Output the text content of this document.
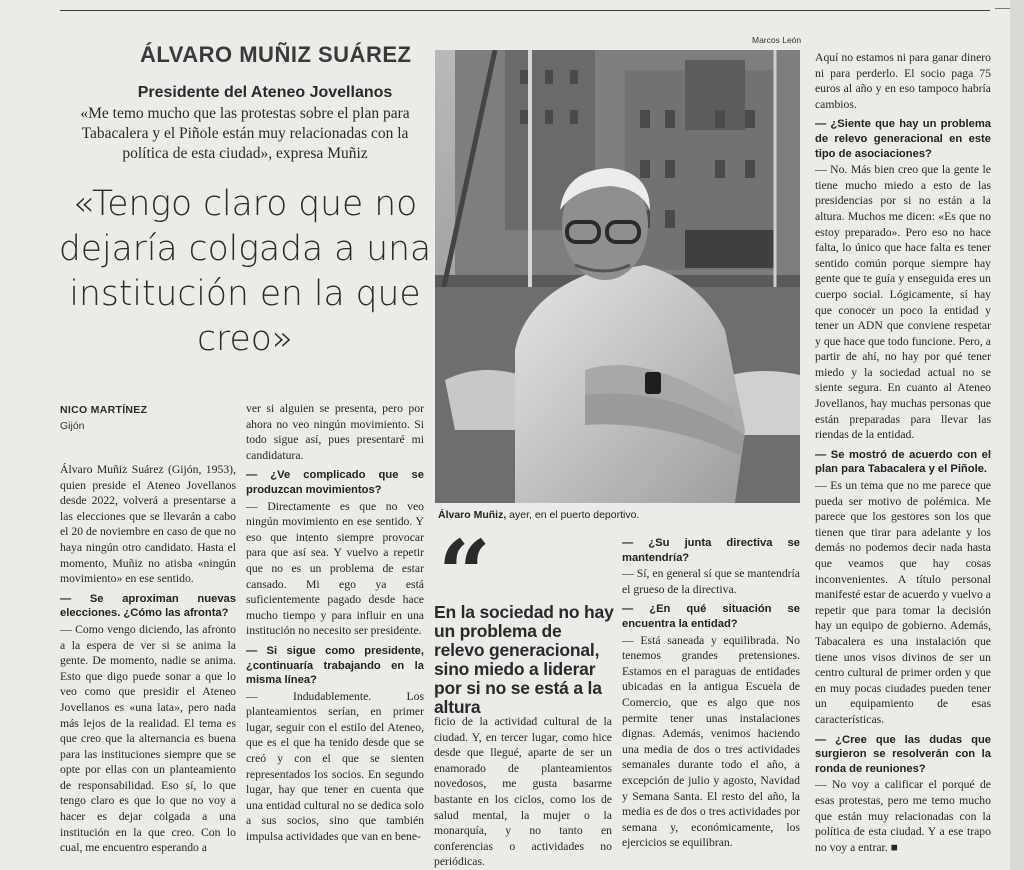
ÁLVARO MUÑIZ SUÁREZ
Presidente del Ateneo Jovellanos
«Me temo mucho que las protestas sobre el plan para Tabacalera y el Piñole están muy relacionadas con la política de esta ciudad», expresa Muñiz
«Tengo claro que no dejaría colgada a una institución en la que creo»
NICO MARTÍNEZ
Gijón

Álvaro Muñiz Suárez (Gijón, 1953), quien preside el Ateneo Jovellanos desde 2022, volverá a presentarse a las elecciones que se llevarán a cabo el 20 de noviembre en caso de que no haya ningún otro candidato. Hasta el momento, Muñiz no atisba «ningún movimiento» en ese sentido.

— Se aproximan nuevas elecciones. ¿Cómo las afronta?

— Como vengo diciendo, las afronto a la espera de ver si se anima la gente. De momento, nadie se anima. Esto que digo puede sonar a que lo veo como que presidir el Ateneo Jovellanos es «una lata», pero nada más lejos de la realidad. El tema es que creo que la alternancia es buena para las instituciones siempre que se opte por ellas con un planteamiento de responsabilidad. Eso sí, lo que tengo claro es que lo que no voy a hacer es dejar colgada a una institución en la que creo. Con lo cual, me encuentro esperando a

ver si alguien se presenta, pero por ahora no veo ningún movimiento. Si todo sigue así, pues presentaré mi candidatura.

— ¿Ve complicado que se produzcan movimientos?

— Directamente es que no veo ningún movimiento en ese sentido. Y eso que intento siempre provocar para que así sea. Y vuelvo a repetir que no es un problema de estar cansado. Mi ego ya está suficientemente pagado desde hace mucho tiempo y para influir en una institución no necesito ser presidente.

— Si sigue como presidente, ¿continuaría trabajando en la misma línea?

— Indudablemente. Los planteamientos serían, en primer lugar, seguir con el estilo del Ateneo, que es el que ha tenido desde que se creó y con el que se sienten representados los socios. En segundo lugar, hay que tener en cuenta que una entidad cultural no se dedica solo a sus socios, sino que también impulsa actividades que van en bene-

Marcos León
Álvaro Muñiz, ayer, en el puerto deportivo.
“
En la sociedad no hay un problema de relevo generacional, sino miedo a liderar por si no se está a la altura

ficio de la actividad cultural de la ciudad. Y, en tercer lugar, como hice desde que llegué, aparte de ser un enamorado de planteamientos novedosos, me gusta basarme bastante en los ciclos, como los de salud mental, la mujer o la monarquía, y no tanto en conferencias o actividades no periódicas.

— ¿Su junta directiva se mantendría?

— Sí, en general sí que se mantendría el grueso de la directiva.

— ¿En qué situación se encuentra la entidad?

— Está saneada y equilibrada. No tenemos grandes pretensiones. Estamos en el paraguas de entidades ubicadas en la antigua Escuela de Comercio, que es algo que nos permite tener unas instalaciones dignas. Además, venimos haciendo una media de dos o tres actividades semanales durante todo el año, a excepción de julio y agosto, Navidad y Semana Santa. El resto del año, la media es de dos o tres actividades por semana y, económicamente, los ejercicios se equilibran.

Aquí no estamos ni para ganar dinero ni para perderlo. El socio paga 75 euros al año y en eso tampoco habría cambios.

— ¿Siente que hay un problema de relevo generacional en este tipo de asociaciones?

— No. Más bien creo que la gente le tiene mucho miedo a esto de las presidencias por si no están a la altura. Muchos me dicen: «Es que no estoy preparado». Pero eso no hace falta, lo único que hace falta es tener sentido común porque siempre hay gente que te guía y enseguida eres un cuerpo social. Lógicamente, sí hay que conocer un poco la entidad y tener un ADN que conviene respetar y que hace que todo funcione. Pero, a partir de ahí, no hay por qué tener miedo y la sociedad actual no se siente segura. En cuanto al Ateneo Jovellanos, hay muchas personas que están preparadas para llevar las riendas de la entidad.

— Se mostró de acuerdo con el plan para Tabacalera y el Piñole.

— Es un tema que no me parece que pueda ser motivo de polémica. Me parece que los gestores son los que tienen que tirar para adelante y los demás no podemos decir nada hasta que veamos que hay cosas inconvenientes. A título personal manifesté estar de acuerdo y vuelvo a repetir que para tomar la decisión hay un equipo de gobierno. Además, Tabacalera es una instalación que tiene unos visos divinos de ser un centro cultural de primer orden y que en muy pocas ciudades pueden tener un equipamiento de esas características.

— ¿Cree que las dudas que surgieron se resolverán con la ronda de reuniones?

— No voy a calificar el porqué de esas protestas, pero me temo mucho que están muy relacionadas con la política de esta ciudad. Y a ese trapo no voy a entrar. ■
